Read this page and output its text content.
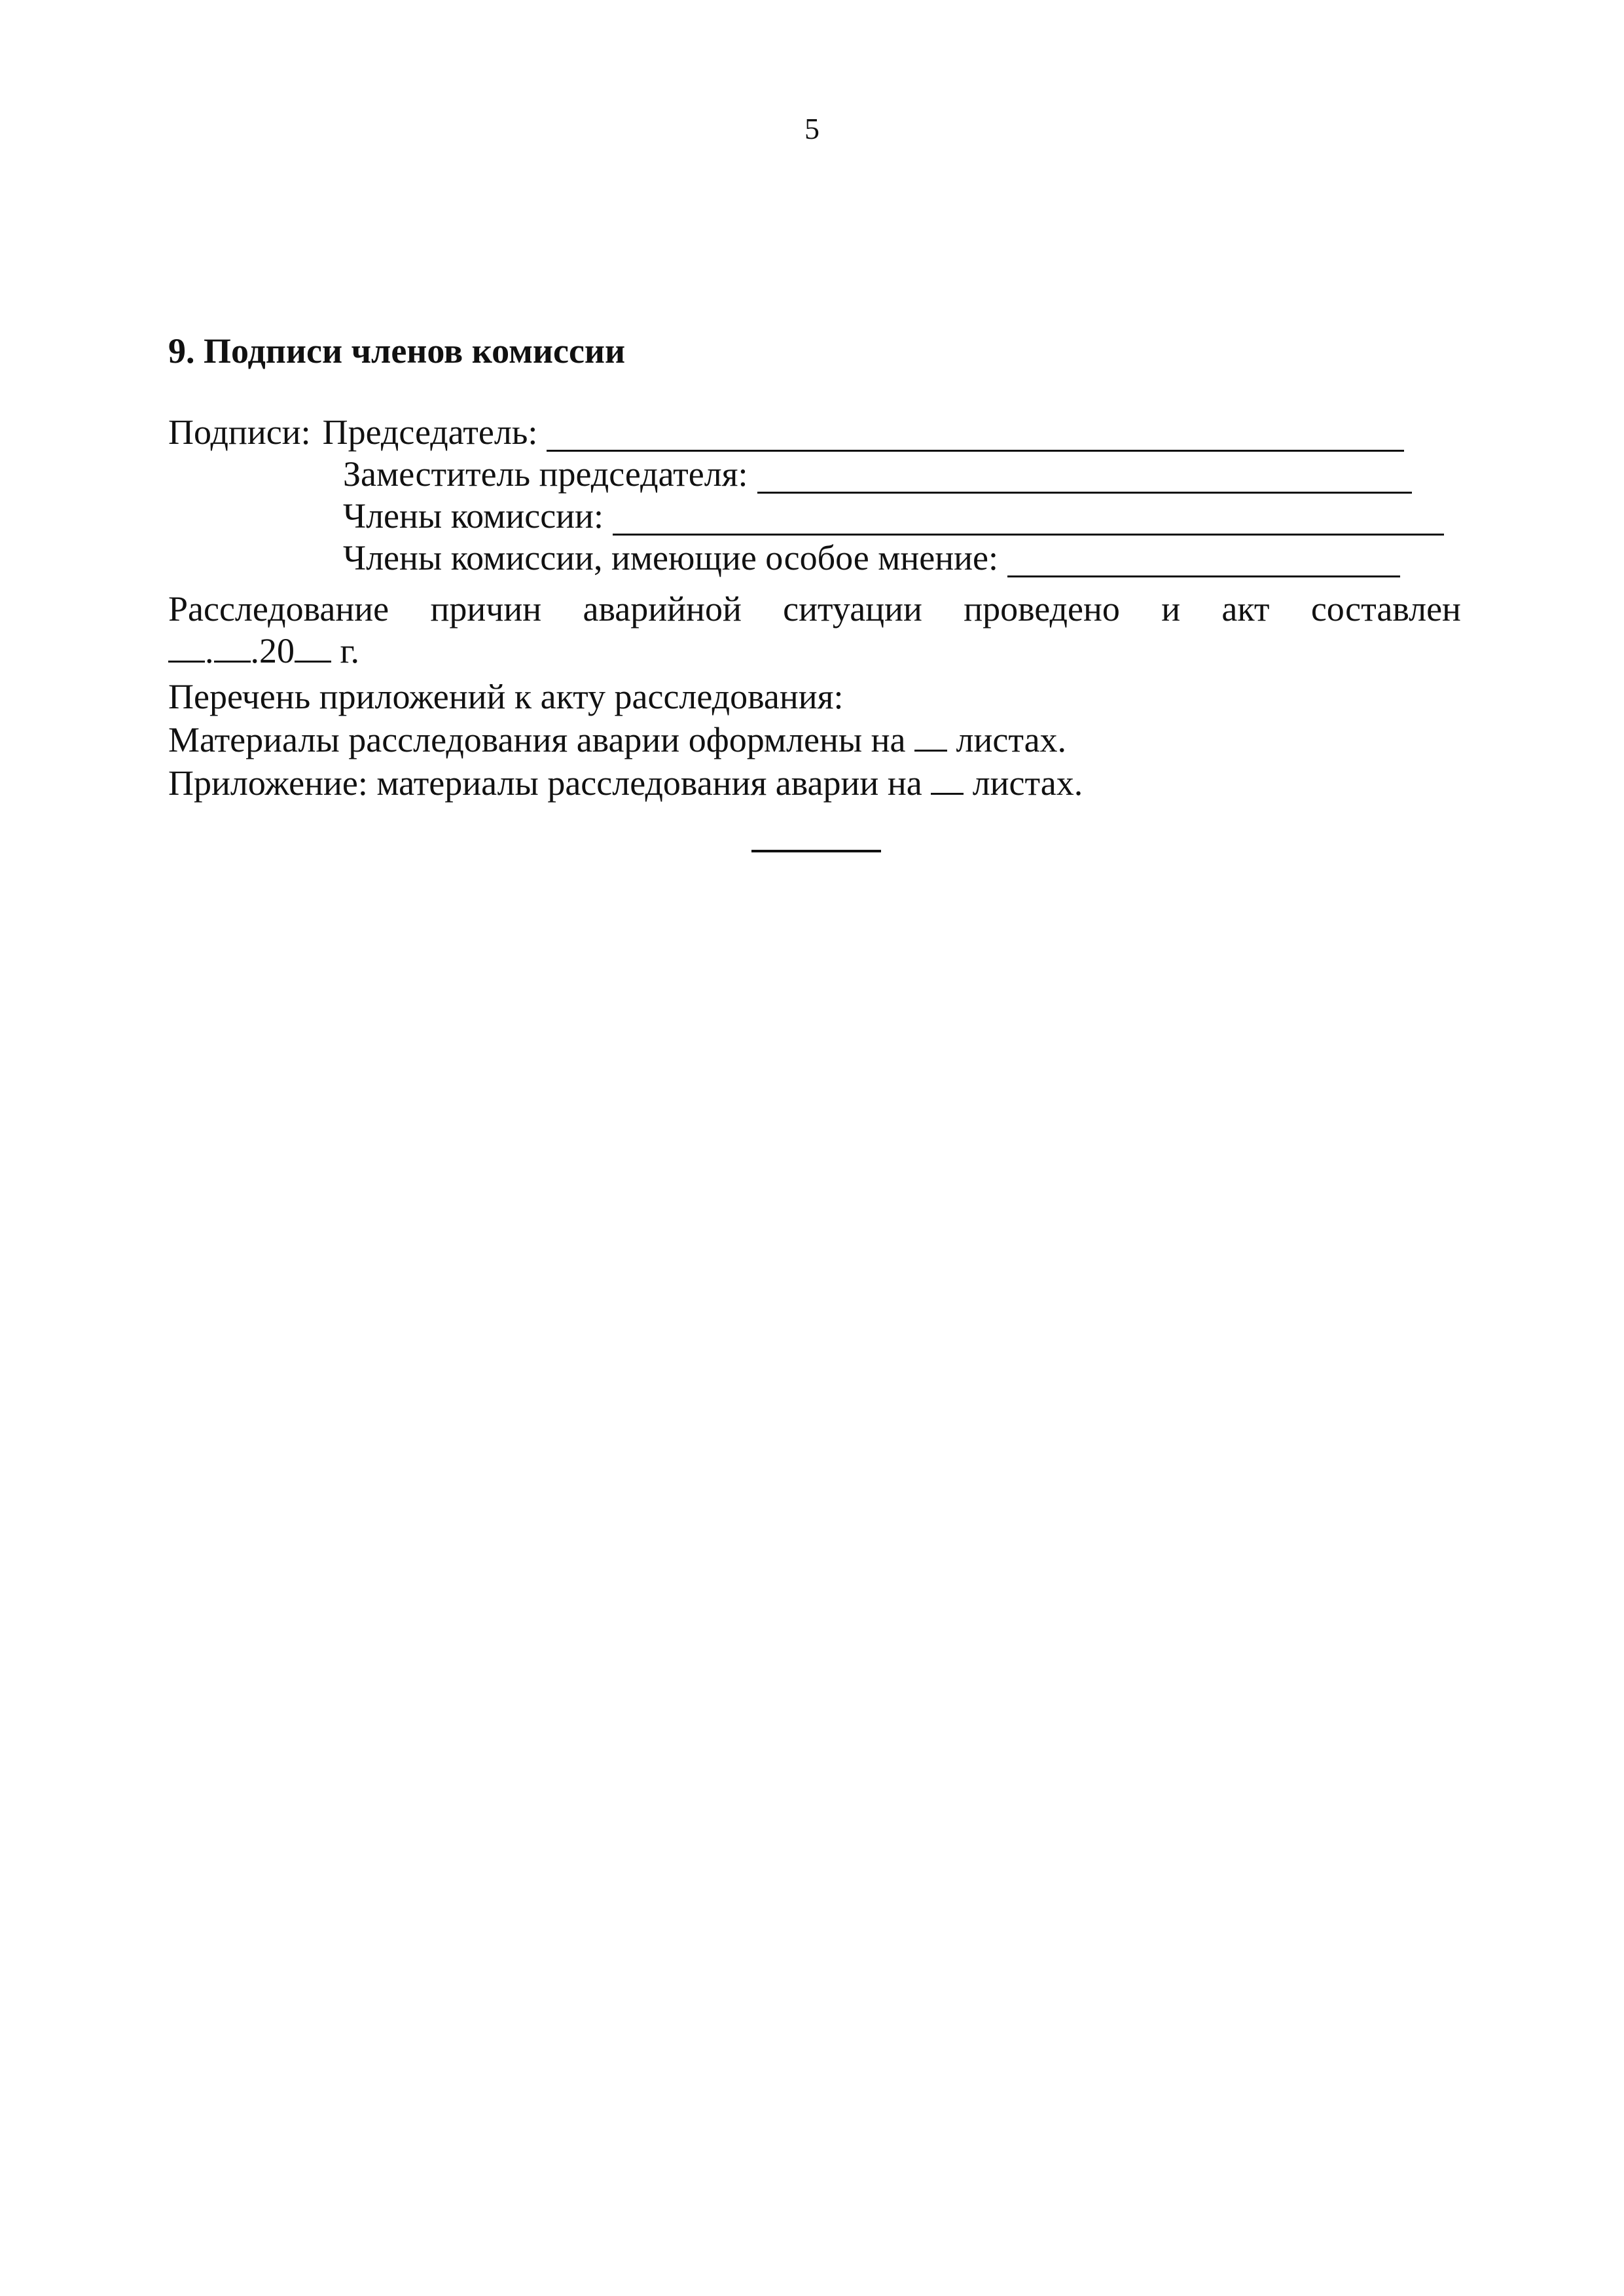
5
9. Подписи членов комиссии
Подписи: Председатель:
Заместитель председателя:
Члены комиссии:
Члены комиссии, имеющие особое мнение:
Расследование причин аварийной ситуации проведено и акт составлен
. .20 г.
Перечень приложений к акту расследования:
Материалы расследования аварии оформлены на листах.
Приложение: материалы расследования аварии на листах.
